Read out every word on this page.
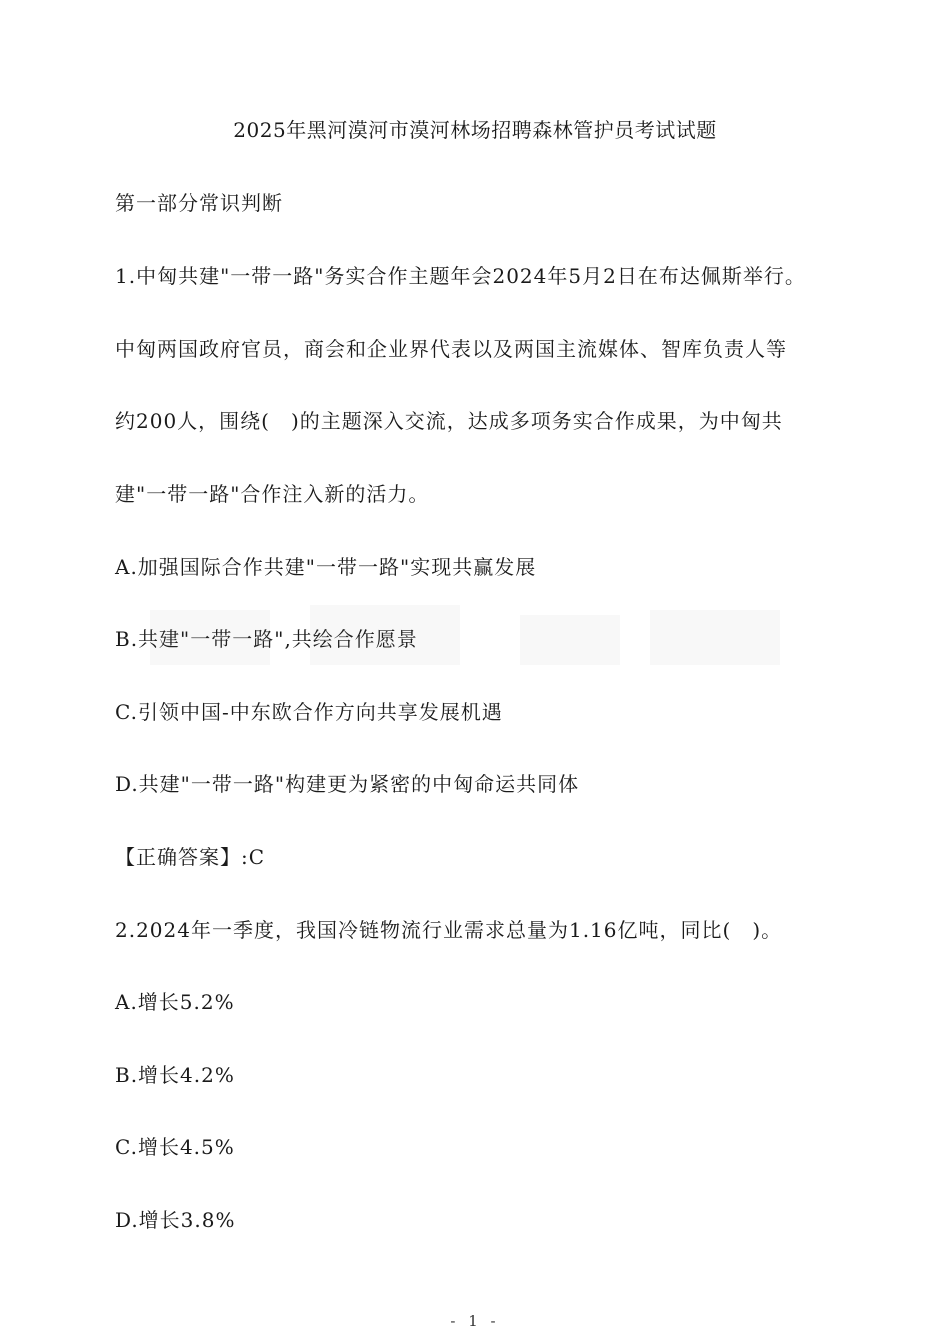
2025年黑河漠河市漠河林场招聘森林管护员考试试题
第一部分常识判断
1.中匈共建"一带一路"务实合作主题年会2024年5月2日在布达佩斯举行。
中匈两国政府官员，商会和企业界代表以及两国主流媒体、智库负责人等
约200人，围绕(　)的主题深入交流，达成多项务实合作成果，为中匈共
建"一带一路"合作注入新的活力。
A.加强国际合作共建"一带一路"实现共赢发展
B.共建"一带一路",共绘合作愿景
C.引领中国-中东欧合作方向共享发展机遇
D.共建"一带一路"构建更为紧密的中匈命运共同体
【正确答案】:C
2.2024年一季度，我国冷链物流行业需求总量为1.16亿吨，同比(　)。
A.增长5.2%
B.增长4.2%
C.增长4.5%
D.增长3.8%
- 1 -
